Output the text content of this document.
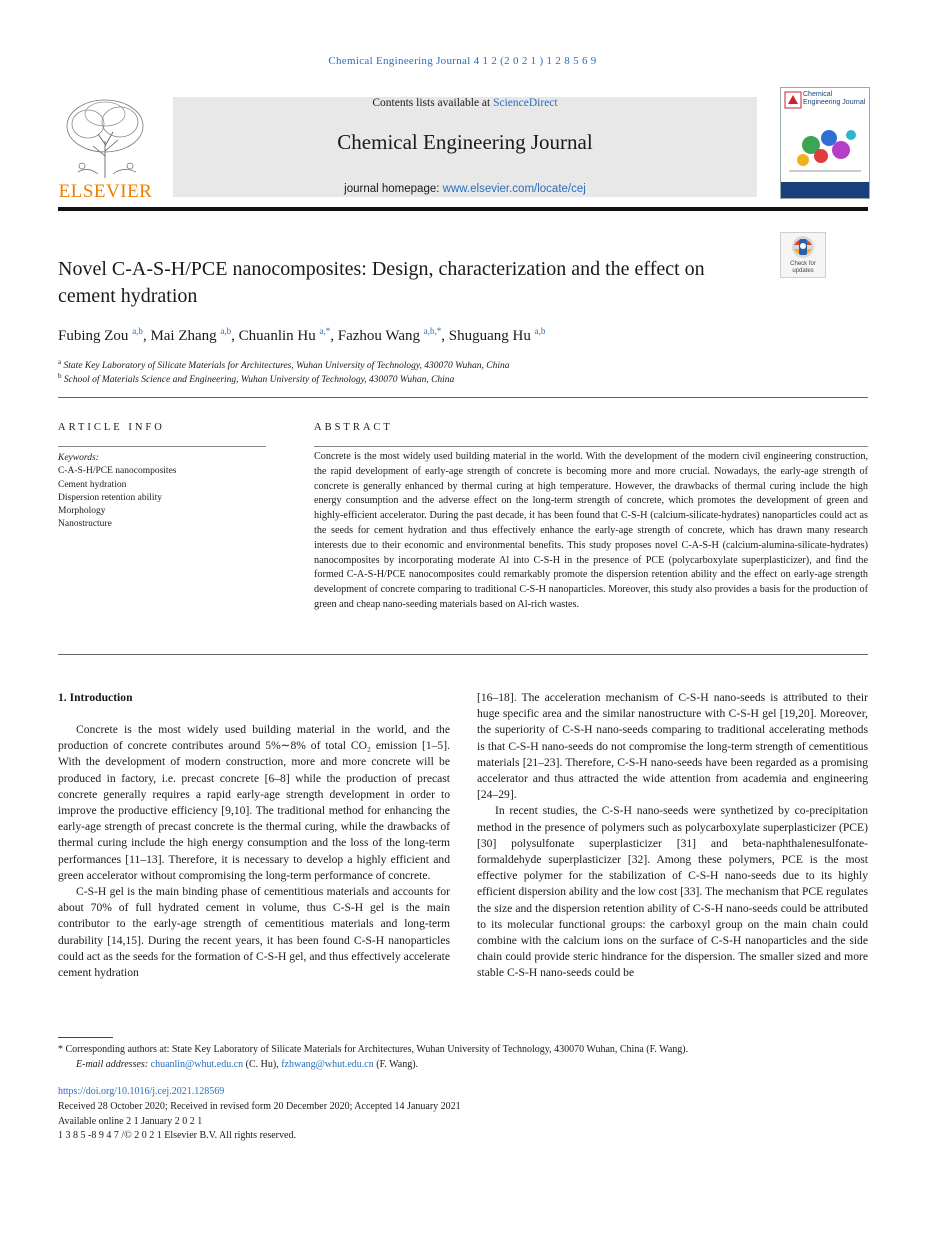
Chemical Engineering Journal 4 1 2 (2 0 2 1 ) 1 2 8 5 6 9
ELSEVIER
Contents lists available at ScienceDirect
Chemical Engineering Journal
journal homepage: www.elsevier.com/locate/cej
Chemical Engineering Journal
Novel C-A-S-H/PCE nanocomposites: Design, characterization and the effect on cement hydration
Check for updates
Fubing Zou $^{a,b}$, Mai Zhang $^{a,b}$, Chuanlin Hu $^{a,*}$, Fazhou Wang $^{a,b,*}$, Shuguang Hu $^{a,b}$
$^a$ State Key Laboratory of Silicate Materials for Architectures, Wuhan University of Technology, 430070 Wuhan, China
$^b$ School of Materials Science and Engineering, Wuhan University of Technology, 430070 Wuhan, China
ARTICLE INFO	ABSTRACT
Keywords:
C-A-S-H/PCE nanocomposites
Cement hydration
Dispersion retention ability
Morphology
Nanostructure
Concrete is the most widely used building material in the world. With the development of the modern civil engineering construction, the rapid development of early-age strength of concrete is becoming more and more crucial. Nowadays, the early-age strength of concrete is generally enhanced by thermal curing at high temperature. However, the drawbacks of thermal curing include the high energy consumption and the adverse effect on the long-term strength of concrete, which promotes the development of green and highly-efficient accelerator. During the past decade, it has been found that C-S-H (calcium-silicate-hydrates) nanoparticles could act as the seeds for cement hydration and thus effectively enhance the early-age strength of concrete, which has drawn many research interests due to their economic and environmental benefits. This study proposes novel C-A-S-H (calcium-alumina-silicate-hydrates) nanocomposites by incorporating moderate Al into C-S-H in the presence of PCE (polycarboxylate superplasticizer), and find the formed C-A-S-H/PCE nanocomposites could remarkably promote the dispersion retention ability and the effect on early-age strength development of concrete comparing to traditional C-S-H nanoparticles. Moreover, this study also provides a basis for the production of green and cheap nano-seeding materials based on Al-rich wastes.
1. Introduction

Concrete is the most widely used building material in the world, and the production of concrete contributes around 5%∼8% of total CO₂ emission [1–5]. With the development of modern construction, more and more concrete will be produced in factory, i.e. precast concrete [6–8] while the production of precast concrete generally requires a rapid early-age strength development in order to improve the productive efficiency [9,10]. The traditional method for enhancing the early-age strength of precast concrete is the thermal curing, while the drawbacks of thermal curing include the high energy consumption and the loss of the long-term performances [11–13]. Therefore, it is necessary to develop a highly efficient and green accelerator without compromising the long-term performance of concrete.

C-S-H gel is the main binding phase of cementitious materials and accounts for about 70% of full hydrated cement in volume, thus C-S-H gel is the main contributor to the early-age strength of cementitious materials and long-term durability [14,15]. During the recent years, it has been found C-S-H nanoparticles could act as the seeds for the formation of C-S-H gel, and thus effectively accelerate cement hydration

[16–18]. The acceleration mechanism of C-S-H nano-seeds is attributed to their huge specific area and the similar nanostructure with C-S-H gel [19,20]. Moreover, the superiority of C-S-H nano-seeds comparing to traditional accelerating methods is that C-S-H nano-seeds do not compromise the long-term strength of cementitious materials [21–23]. Therefore, C-S-H nano-seeds have been regarded as a promising accelerator and thus attracted the wide attention from academia and engineering [24–29].

In recent studies, the C-S-H nano-seeds were synthetized by co-precipitation method in the presence of polymers such as polycarboxylate superplasticizer (PCE) [30] polysulfonate superplasticizer [31] and beta-naphthalenesulfonate-formaldehyde superplasticizer [32]. Among these polymers, PCE is the most effective polymer for the stabilization of C-S-H nano-seeds due to its highly efficient dispersion ability and the low cost [33]. The mechanism that PCE regulates the size and the dispersion retention ability of C-S-H nano-seeds could be attributed to its molecular functional groups: the carboxyl group on the main chain could combine with the calcium ions on the surface of C-S-H nanoparticles and the side chain could provide steric hindrance for the dispersion. The smaller sized and more stable C-S-H nano-seeds could be

* Corresponding authors at: State Key Laboratory of Silicate Materials for Architectures, Wuhan University of Technology, 430070 Wuhan, China (F. Wang).
E-mail addresses: chuanlin@whut.edu.cn (C. Hu), fzhwang@whut.edu.cn (F. Wang).
https://doi.org/10.1016/j.cej.2021.128569
Received 28 October 2020; Received in revised form 20 December 2020; Accepted 14 January 2021
Available online 2 1 January 2 0 2 1
1 3 8 5 -8 9 4 7 /© 2 0 2 1 Elsevier B.V. All rights reserved.
